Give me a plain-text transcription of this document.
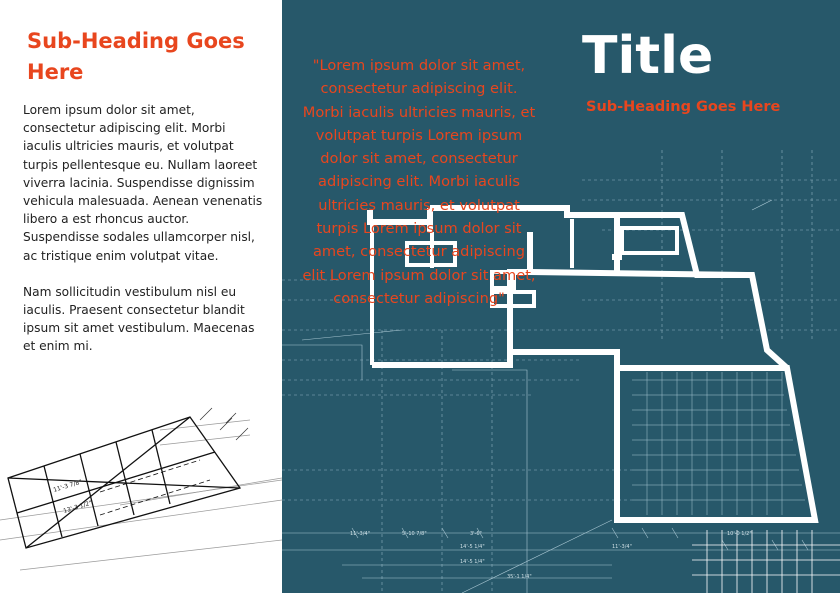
Sub-Heading Goes Here

Lorem ipsum dolor sit amet, consectetur adipiscing elit. Morbi iaculis ultricies mauris, et volutpat turpis pellentesque eu. Nullam laoreet viverra lacinia. Suspendisse dignissim vehicula malesuada. Aenean venenatis libero a est rhoncus auctor. Suspendisse sodales ullamcorper nisl, ac tristique enim volutpat vitae.

Nam sollicitudin vestibulum nisl eu iaculis. Praesent consectetur blandit ipsum sit amet vestibulum. Maecenas et enim mi.

11'-3 7/8"
13'-3 1/2"
11'-3/4"	5'-10 7/8"	3'-6"
14'-5 1/4"
14'-5 1/4"
35'-1 1/4"
11'-3/4"
10'-0 1/2"
Title
Sub-Heading Goes Here

"Lorem ipsum dolor sit amet, consectetur adipiscing elit. Morbi iaculis ultricies mauris, et volutpat turpis Lorem ipsum dolor sit amet, consectetur adipiscing elit. Morbi iaculis ultricies mauris, et volutpat turpis Lorem ipsum dolor sit amet, consectetur adipiscing elit Lorem ipsum dolor sit amet, consectetur adipiscing"
